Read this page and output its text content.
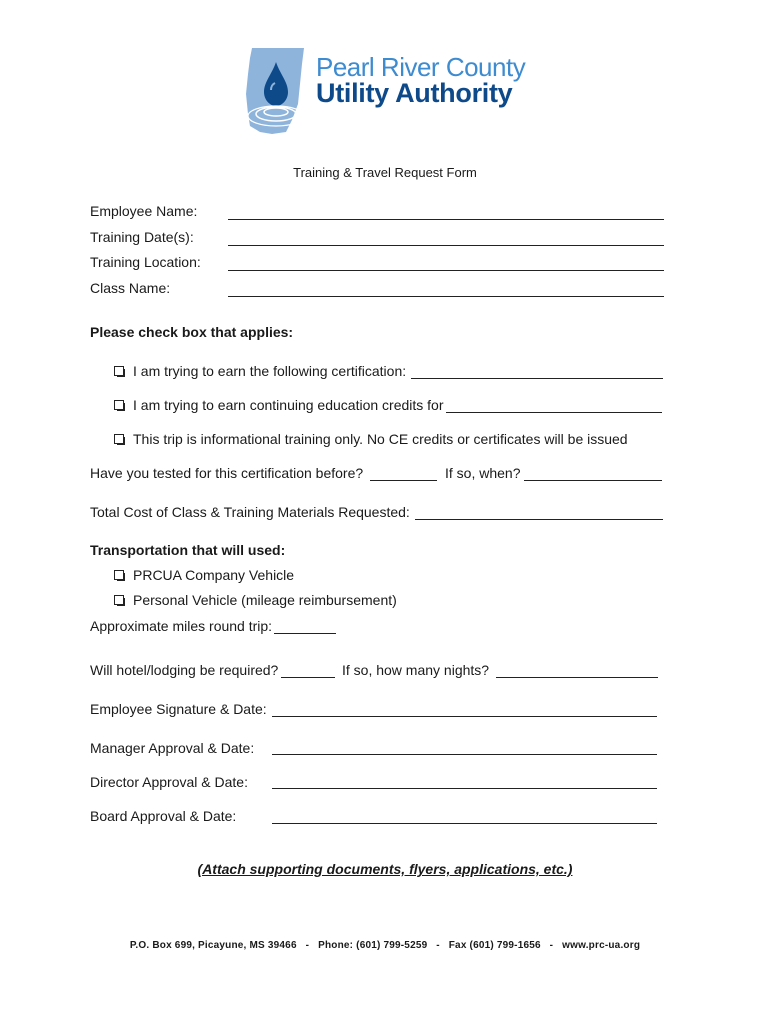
Pearl River County
Utility Authority
Training & Travel Request Form
Employee Name:
Training Date(s):
Training Location:
Class Name:
Please check box that applies:
I am trying to earn the following certification:
I am trying to earn continuing education credits for
This trip is informational training only. No CE credits or certificates will be issued
Have you tested for this certification before?	If so, when?
Total Cost of Class & Training Materials Requested:
Transportation that will used:
PRCUA Company Vehicle
Personal Vehicle (mileage reimbursement)
Approximate miles round trip:
Will hotel/lodging be required?	If so, how many nights?
Employee Signature & Date:
Manager Approval & Date:
Director Approval & Date:
Board Approval & Date:
(Attach supporting documents, flyers, applications, etc.)
P.O. Box 699, Picayune, MS 39466   -   Phone: (601) 799-5259   -   Fax (601) 799-1656   -   www.prc-ua.org
